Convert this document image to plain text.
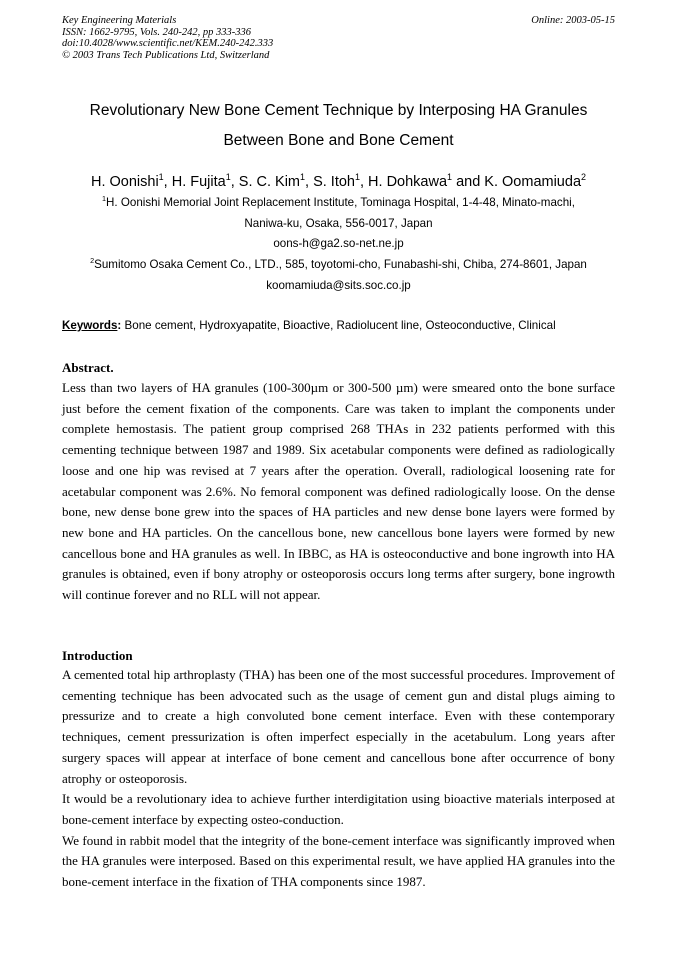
Key Engineering Materials
ISSN: 1662-9795, Vols. 240-242, pp 333-336
doi:10.4028/www.scientific.net/KEM.240-242.333
© 2003 Trans Tech Publications Ltd, Switzerland
Online: 2003-05-15
Revolutionary New Bone Cement Technique by Interposing HA Granules
Between Bone and Bone Cement
H. Oonishi$^1$, H. Fujita$^1$, S. C. Kim$^1$, S. Itoh$^1$, H. Dohkawa$^1$ and K. Oomamiuda$^2$
$^1$H. Oonishi Memorial Joint Replacement Institute, Tominaga Hospital, 1-4-48, Minato-machi,
Naniwa-ku, Osaka, 556-0017, Japan
oons-h@ga2.so-net.ne.jp
$^2$Sumitomo Osaka Cement Co., LTD., 585, toyotomi-cho, Funabashi-shi, Chiba, 274-8601, Japan
koomamiuda@sits.soc.co.jp
Keywords: Bone cement, Hydroxyapatite, Bioactive, Radiolucent line, Osteoconductive, Clinical
Abstract.

Less than two layers of HA granules (100-300µm or 300-500 µm) were smeared onto the bone surface just before the cement fixation of the components. Care was taken to implant the components under complete hemostasis. The patient group comprised 268 THAs in 232 patients performed with this cementing technique between 1987 and 1989. Six acetabular components were defined as radiologically loose and one hip was revised at 7 years after the operation. Overall, radiological loosening rate for acetabular component was 2.6%. No femoral component was defined radiologically loose. On the dense bone, new dense bone grew into the spaces of HA particles and new dense bone layers were formed by new bone and HA particles. On the cancellous bone, new cancellous bone layers were formed by new cancellous bone and HA granules as well. In IBBC, as HA is osteoconductive and bone ingrowth into HA granules is obtained, even if bony atrophy or osteoporosis occurs long terms after surgery, bone ingrowth will continue forever and no RLL will not appear.

Introduction

A cemented total hip arthroplasty (THA) has been one of the most successful procedures. Improvement of cementing technique has been advocated such as the usage of cement gun and distal plugs aiming to pressurize and to create a high convoluted bone cement interface. Even with these contemporary techniques, cement pressurization is often imperfect especially in the acetabulum. Long years after surgery spaces will appear at interface of bone cement and cancellous bone after occurrence of bony atrophy or osteoporosis.

It would be a revolutionary idea to achieve further interdigitation using bioactive materials interposed at bone-cement interface by expecting osteo-conduction.

We found in rabbit model that the integrity of the bone-cement interface was significantly improved when the HA granules were interposed. Based on this experimental result, we have applied HA granules into the bone-cement interface in the fixation of THA components since 1987.
